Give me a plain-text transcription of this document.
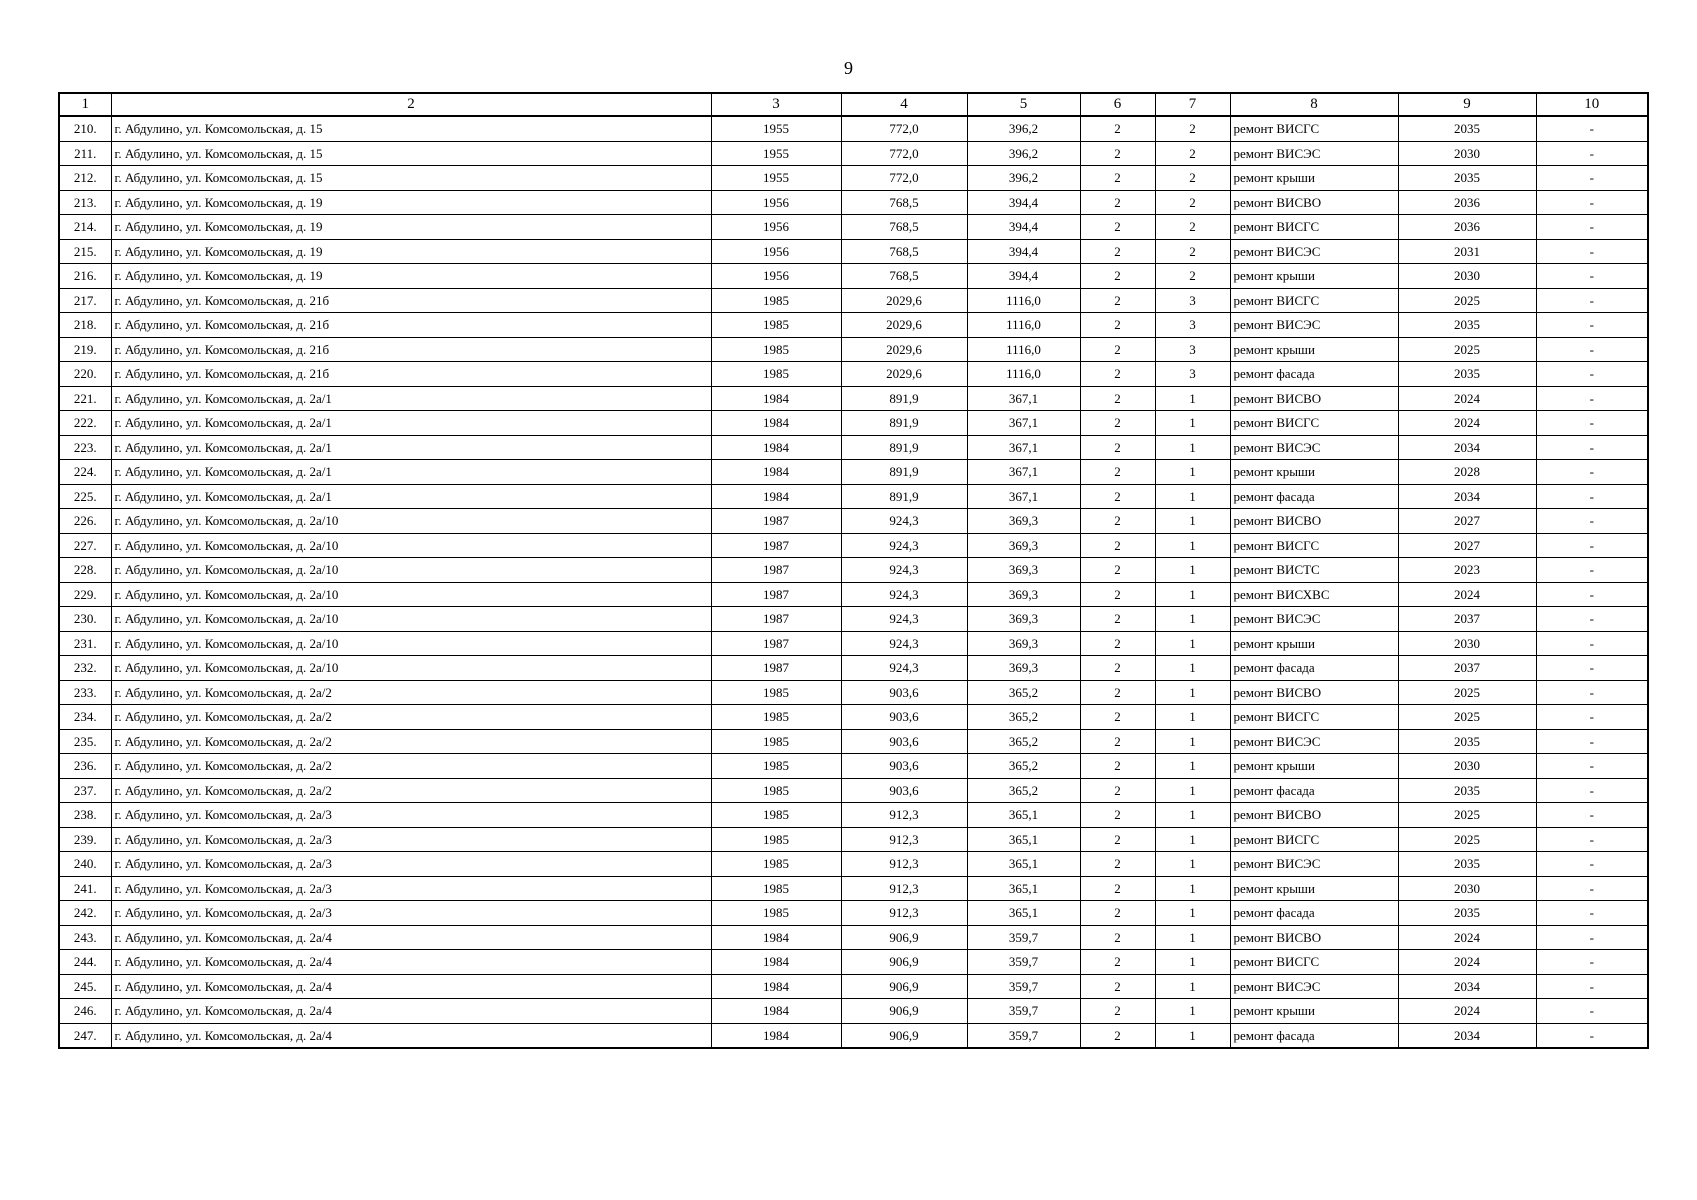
9
1	2	3	4	5	6	7	8	9	10
210.	г. Абдулино, ул. Комсомольская, д. 15	1955	772,0	396,2	2	2	ремонт ВИСГС	2035	-
211.	г. Абдулино, ул. Комсомольская, д. 15	1955	772,0	396,2	2	2	ремонт ВИСЭС	2030	-
212.	г. Абдулино, ул. Комсомольская, д. 15	1955	772,0	396,2	2	2	ремонт крыши	2035	-
213.	г. Абдулино, ул. Комсомольская, д. 19	1956	768,5	394,4	2	2	ремонт ВИСВО	2036	-
214.	г. Абдулино, ул. Комсомольская, д. 19	1956	768,5	394,4	2	2	ремонт ВИСГС	2036	-
215.	г. Абдулино, ул. Комсомольская, д. 19	1956	768,5	394,4	2	2	ремонт ВИСЭС	2031	-
216.	г. Абдулино, ул. Комсомольская, д. 19	1956	768,5	394,4	2	2	ремонт крыши	2030	-
217.	г. Абдулино, ул. Комсомольская, д. 21б	1985	2029,6	1116,0	2	3	ремонт ВИСГС	2025	-
218.	г. Абдулино, ул. Комсомольская, д. 21б	1985	2029,6	1116,0	2	3	ремонт ВИСЭС	2035	-
219.	г. Абдулино, ул. Комсомольская, д. 21б	1985	2029,6	1116,0	2	3	ремонт крыши	2025	-
220.	г. Абдулино, ул. Комсомольская, д. 21б	1985	2029,6	1116,0	2	3	ремонт фасада	2035	-
221.	г. Абдулино, ул. Комсомольская, д. 2а/1	1984	891,9	367,1	2	1	ремонт ВИСВО	2024	-
222.	г. Абдулино, ул. Комсомольская, д. 2а/1	1984	891,9	367,1	2	1	ремонт ВИСГС	2024	-
223.	г. Абдулино, ул. Комсомольская, д. 2а/1	1984	891,9	367,1	2	1	ремонт ВИСЭС	2034	-
224.	г. Абдулино, ул. Комсомольская, д. 2а/1	1984	891,9	367,1	2	1	ремонт крыши	2028	-
225.	г. Абдулино, ул. Комсомольская, д. 2а/1	1984	891,9	367,1	2	1	ремонт фасада	2034	-
226.	г. Абдулино, ул. Комсомольская, д. 2а/10	1987	924,3	369,3	2	1	ремонт ВИСВО	2027	-
227.	г. Абдулино, ул. Комсомольская, д. 2а/10	1987	924,3	369,3	2	1	ремонт ВИСГС	2027	-
228.	г. Абдулино, ул. Комсомольская, д. 2а/10	1987	924,3	369,3	2	1	ремонт ВИСТС	2023	-
229.	г. Абдулино, ул. Комсомольская, д. 2а/10	1987	924,3	369,3	2	1	ремонт ВИСХВС	2024	-
230.	г. Абдулино, ул. Комсомольская, д. 2а/10	1987	924,3	369,3	2	1	ремонт ВИСЭС	2037	-
231.	г. Абдулино, ул. Комсомольская, д. 2а/10	1987	924,3	369,3	2	1	ремонт крыши	2030	-
232.	г. Абдулино, ул. Комсомольская, д. 2а/10	1987	924,3	369,3	2	1	ремонт фасада	2037	-
233.	г. Абдулино, ул. Комсомольская, д. 2а/2	1985	903,6	365,2	2	1	ремонт ВИСВО	2025	-
234.	г. Абдулино, ул. Комсомольская, д. 2а/2	1985	903,6	365,2	2	1	ремонт ВИСГС	2025	-
235.	г. Абдулино, ул. Комсомольская, д. 2а/2	1985	903,6	365,2	2	1	ремонт ВИСЭС	2035	-
236.	г. Абдулино, ул. Комсомольская, д. 2а/2	1985	903,6	365,2	2	1	ремонт крыши	2030	-
237.	г. Абдулино, ул. Комсомольская, д. 2а/2	1985	903,6	365,2	2	1	ремонт фасада	2035	-
238.	г. Абдулино, ул. Комсомольская, д. 2а/3	1985	912,3	365,1	2	1	ремонт ВИСВО	2025	-
239.	г. Абдулино, ул. Комсомольская, д. 2а/3	1985	912,3	365,1	2	1	ремонт ВИСГС	2025	-
240.	г. Абдулино, ул. Комсомольская, д. 2а/3	1985	912,3	365,1	2	1	ремонт ВИСЭС	2035	-
241.	г. Абдулино, ул. Комсомольская, д. 2а/3	1985	912,3	365,1	2	1	ремонт крыши	2030	-
242.	г. Абдулино, ул. Комсомольская, д. 2а/3	1985	912,3	365,1	2	1	ремонт фасада	2035	-
243.	г. Абдулино, ул. Комсомольская, д. 2а/4	1984	906,9	359,7	2	1	ремонт ВИСВО	2024	-
244.	г. Абдулино, ул. Комсомольская, д. 2а/4	1984	906,9	359,7	2	1	ремонт ВИСГС	2024	-
245.	г. Абдулино, ул. Комсомольская, д. 2а/4	1984	906,9	359,7	2	1	ремонт ВИСЭС	2034	-
246.	г. Абдулино, ул. Комсомольская, д. 2а/4	1984	906,9	359,7	2	1	ремонт крыши	2024	-
247.	г. Абдулино, ул. Комсомольская, д. 2а/4	1984	906,9	359,7	2	1	ремонт фасада	2034	-
